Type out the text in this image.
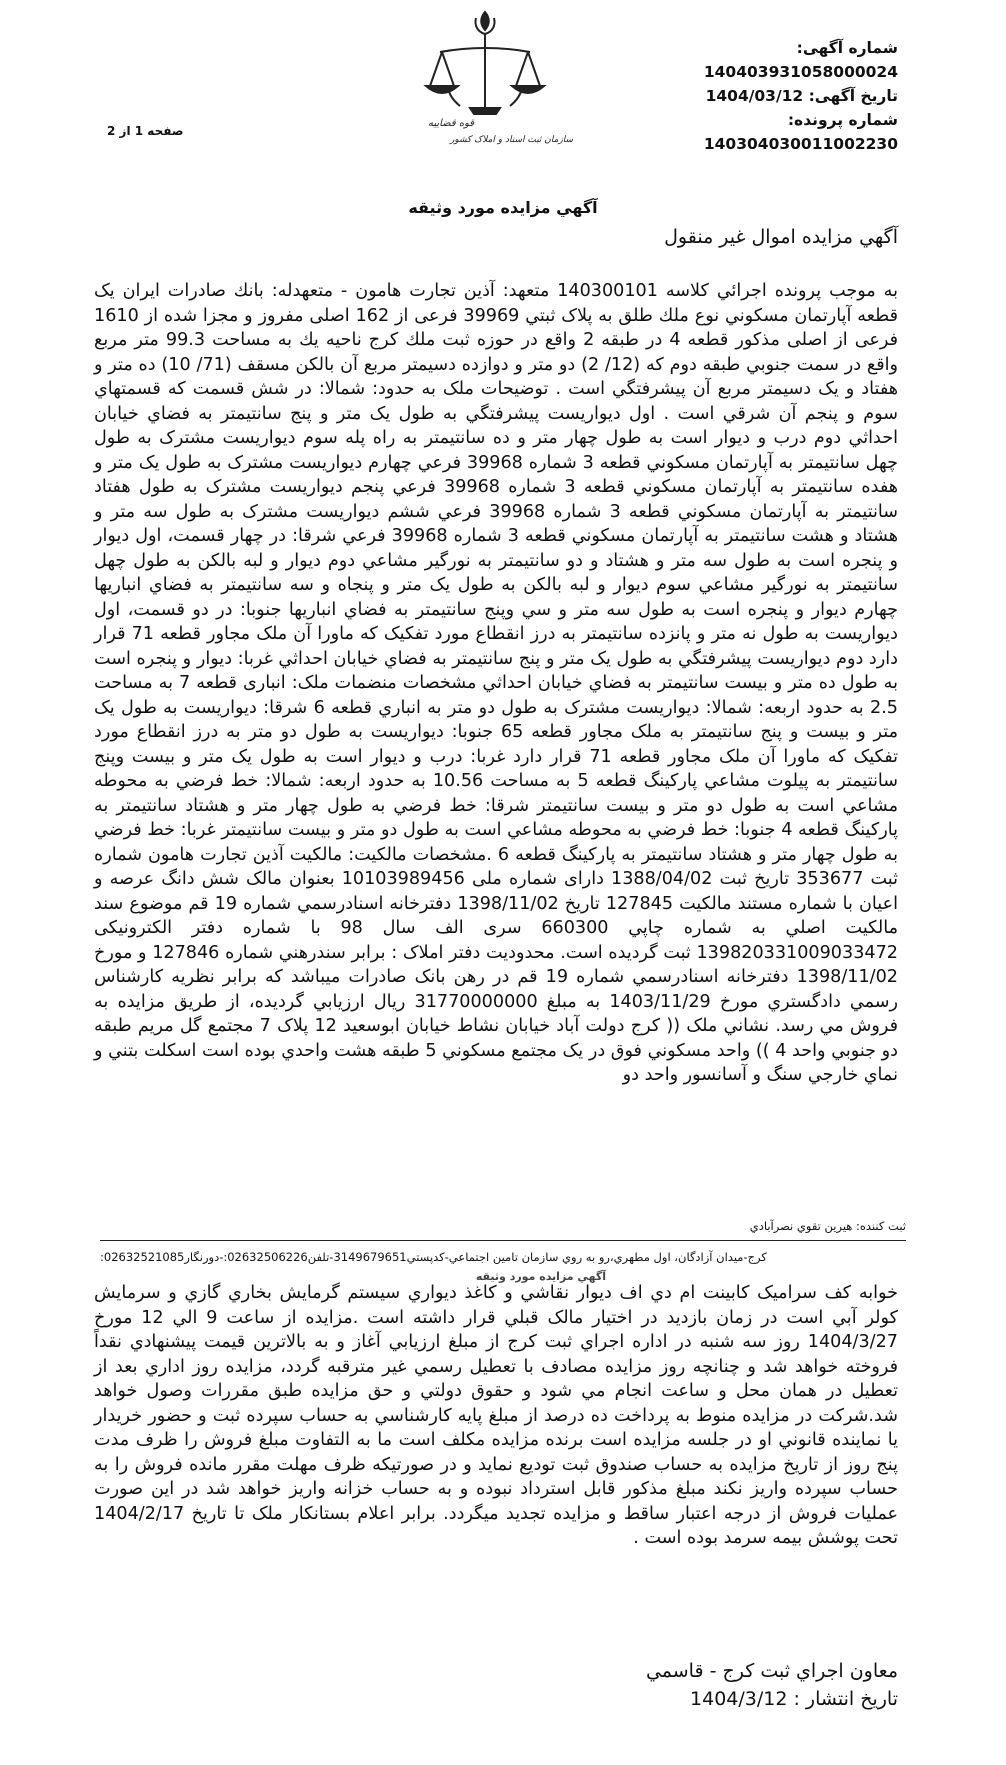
قوه قضاییه
سازمان ثبت اسناد و املاک کشور
شماره آگهی: 14040393105800002‎4
تاریخ آگهی: 1404/03/12
شماره پرونده: 140304030011002230
صفحه 1 از 2
آگهي مزايده مورد وثيقه
آگهي مزايده اموال غير منقول
به موجب پرونده اجرائي كلاسه 140300101 متعهد: آذين تجارت هامون - متعهدله: بانك صادرات ايران يک قطعه آپارتمان مسكوني نوع ملك طلق به پلاک ثبتي 39969 فرعی از 162 اصلی مفروز و مجزا شده از 1610 فرعی از اصلی مذکور قطعه 4 در طبقه 2 واقع در حوزه ثبت ملك كرج ناحيه يك به مساحت 99.3 متر مربع واقع در سمت جنوبي طبقه دوم كه (12/ 2) دو متر و دوازده دسيمتر مربع آن بالكن مسقف (71/ 10) ده متر و هفتاد و يک دسيمتر مربع آن پيشرفتگي است . توضيحات ملک به حدود: شمالا: در شش قسمت كه قسمتهاي سوم و پنجم آن شرقي است . اول ديواريست پيشرفتگي به طول يک متر و پنج سانتيمتر به فضاي خيابان احداثي دوم درب و ديوار است به طول چهار متر و ده سانتيمتر به راه پله سوم ديواريست مشترک به طول چهل سانتيمتر به آپارتمان مسكوني قطعه 3 شماره 39968 فرعي چهارم ديواريست مشترک به طول يک متر و هفده سانتيمتر به آپارتمان مسكوني قطعه 3 شماره 39968 فرعي پنجم ديواريست مشترک به طول هفتاد سانتيمتر به آپارتمان مسكوني قطعه 3 شماره 39968 فرعي ششم ديواريست مشترک به طول سه متر و هشتاد و هشت سانتيمتر به آپارتمان مسكوني قطعه 3 شماره 39968 فرعي شرقا: در چهار قسمت، اول ديوار و پنجره است به طول سه متر و هشتاد و دو سانتيمتر به نورگير مشاعي دوم ديوار و لبه بالكن به طول چهل سانتيمتر به نورگير مشاعي سوم ديوار و لبه بالكن به طول يک متر و پنجاه و سه سانتيمتر به فضاي انباريها چهارم ديوار و پنجره است به طول سه متر و سي وپنج سانتيمتر به فضاي انباريها جنوبا: در دو قسمت، اول ديواريست به طول نه متر و پانزده سانتيمتر به درز انقطاع مورد تفكيک كه ماورا آن ملک مجاور قطعه 71 قرار دارد دوم ديواريست پيشرفتگي به طول يک متر و پنج سانتيمتر به فضاي خيابان احداثي غربا: ديوار و پنجره است به طول ده متر و بيست سانتيمتر به فضاي خيابان احداثي مشخصات منضمات ملک: انباری قطعه 7 به مساحت 2.5 به حدود اربعه: شمالا: ديواريست مشترک به طول دو متر به انباري قطعه 6 شرقا: ديواريست به طول يک متر و بيست و پنج سانتيمتر به ملک مجاور قطعه 65 جنوبا: ديواريست به طول دو متر به درز انقطاع مورد تفكيک كه ماورا آن ملک مجاور قطعه 71 قرار دارد غربا: درب و ديوار است به طول يک متر و بيست وپنج سانتيمتر به پيلوت مشاعي پاركينگ قطعه 5 به مساحت 10.56 به حدود اربعه: شمالا: خط فرضي به محوطه مشاعي است به طول دو متر و بيست سانتيمتر شرقا: خط فرضي به طول چهار متر و هشتاد سانتيمتر به پاركينگ قطعه 4 جنوبا: خط فرضي به محوطه مشاعي است به طول دو متر و بيست سانتيمتر غربا: خط فرضي به طول چهار متر و هشتاد سانتيمتر به پاركينگ قطعه 6 .مشخصات مالكيت: مالكيت آذين تجارت هامون شماره ثبت 353677 تاريخ ثبت 1388/04/02 دارای شماره ملی 10103989456 بعنوان مالک شش دانگ عرصه و اعيان با شماره مستند مالكيت 127845 تاريخ 1398/11/02 دفترخانه اسنادرسمي شماره 19 قم موضوع سند مالكيت اصلي به شماره چاپي 660300 سری الف سال 98 با شماره دفتر الكترونيكی 139820331009033472 ثبت گرديده است. محدوديت دفتر املاک : برابر سندرهني شماره 127846 و مورخ 1398/11/02 دفترخانه اسنادرسمي شماره 19 قم در رهن بانک صادرات ميباشد كه برابر نظريه كارشناس رسمي دادگستري مورخ 1403/11/29 به مبلغ 31770000000 ريال ارزيابي گرديده، از طريق مزايده به فروش مي رسد. نشاني ملک (( كرج دولت آباد خيابان نشاط خيابان ابوسعيد 12 پلاک 7 مجتمع گل مريم طبقه دو جنوبي واحد 4 )) واحد مسكوني فوق در يک مجتمع مسكوني 5 طبقه هشت واحدي بوده است اسكلت بتني و نماي خارجي سنگ و آسانسور واحد دو
ثبت كننده: هيرين تقوي نصرآبادي
كرج-ميدان آزادگان، اول مطهري،رو به روي سازمان تامين اجتماعي-كدپستي3149679651-تلفن02632506226:-دورنگار02632521085:
آگهي مزايده مورد وثيقه
خوابه كف سراميک كابينت ام دي اف ديوار نقاشي و كاغذ ديواري سيستم گرمايش بخاري گازي و سرمايش كولر آبي است در زمان بازديد در اختيار مالک قبلي قرار داشته است .مزايده از ساعت 9 الي 12 مورخ 1404/3/27 روز سه شنبه در اداره اجراي ثبت كرج از مبلغ ارزيابي آغاز و به بالاترين قيمت پيشنهادي نقداً فروخته خواهد شد و چنانچه روز مزايده مصادف با تعطيل رسمي غير مترقبه گردد، مزايده روز اداري بعد از تعطيل در همان محل و ساعت انجام مي شود و حقوق دولتي و حق مزايده طبق مقررات وصول خواهد شد.شركت در مزايده منوط به پرداخت ده درصد از مبلغ پايه كارشناسي به حساب سپرده ثبت و حضور خريدار يا نماينده قانوني او در جلسه مزايده است برنده مزايده مكلف است ما به التفاوت مبلغ فروش را ظرف مدت پنج روز از تاريخ مزايده به حساب صندوق ثبت توديع نمايد و در صورتيكه ظرف مهلت مقرر مانده فروش را به حساب سپرده واريز نكند مبلغ مذكور قابل استرداد نبوده و به حساب خزانه واريز خواهد شد در اين صورت عمليات فروش از درجه اعتبار ساقط و مزايده تجديد ميگردد. برابر اعلام بستانكار ملک تا تاريخ 1404/2/17 تحت پوشش بيمه سرمد بوده است .
معاون اجراي ثبت كرج - قاسمي
تاريخ انتشار : 1404/3/12
